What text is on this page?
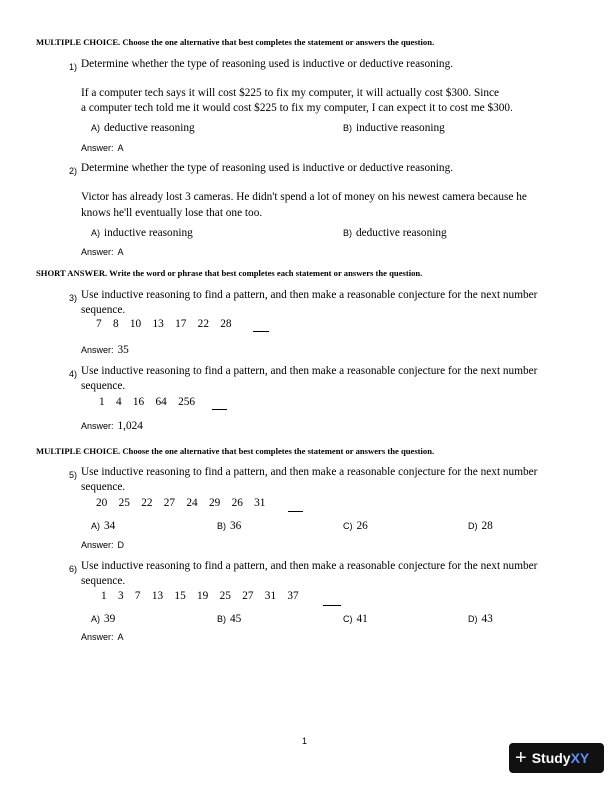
MULTIPLE CHOICE. Choose the one alternative that best completes the statement or answers the question.
1) Determine whether the type of reasoning used is inductive or deductive reasoning.
If a computer tech says it will cost $225 to fix my computer, it will actually cost $300. Since
a computer tech told me it would cost $225 to fix my computer, I can expect it to cost me $300.
A) deductive reasoning	B) inductive reasoning
Answer: A
2) Determine whether the type of reasoning used is inductive or deductive reasoning.
Victor has already lost 3 cameras. He didn't spend a lot of money on his newest camera because he
knows he'll eventually lose that one too.
A) inductive reasoning	B) deductive reasoning
Answer: A
SHORT ANSWER. Write the word or phrase that best completes each statement or answers the question.
3) Use inductive reasoning to find a pattern, and then make a reasonable conjecture for the next number
sequence.
7    8    10    13    17    22    28
Answer: 35
4) Use inductive reasoning to find a pattern, and then make a reasonable conjecture for the next number
sequence.
1    4    16    64    256
Answer: 1,024
MULTIPLE CHOICE. Choose the one alternative that best completes the statement or answers the question.
5) Use inductive reasoning to find a pattern, and then make a reasonable conjecture for the next number
sequence.
20    25    22    27    24    29    26    31
A) 34	B) 36	C) 26	D) 28
Answer: D
6) Use inductive reasoning to find a pattern, and then make a reasonable conjecture for the next number
sequence.
1    3    7    13    15    19    25    27    31    37
A) 39	B) 45	C) 41	D) 43
Answer: A
1
+ Study XY
